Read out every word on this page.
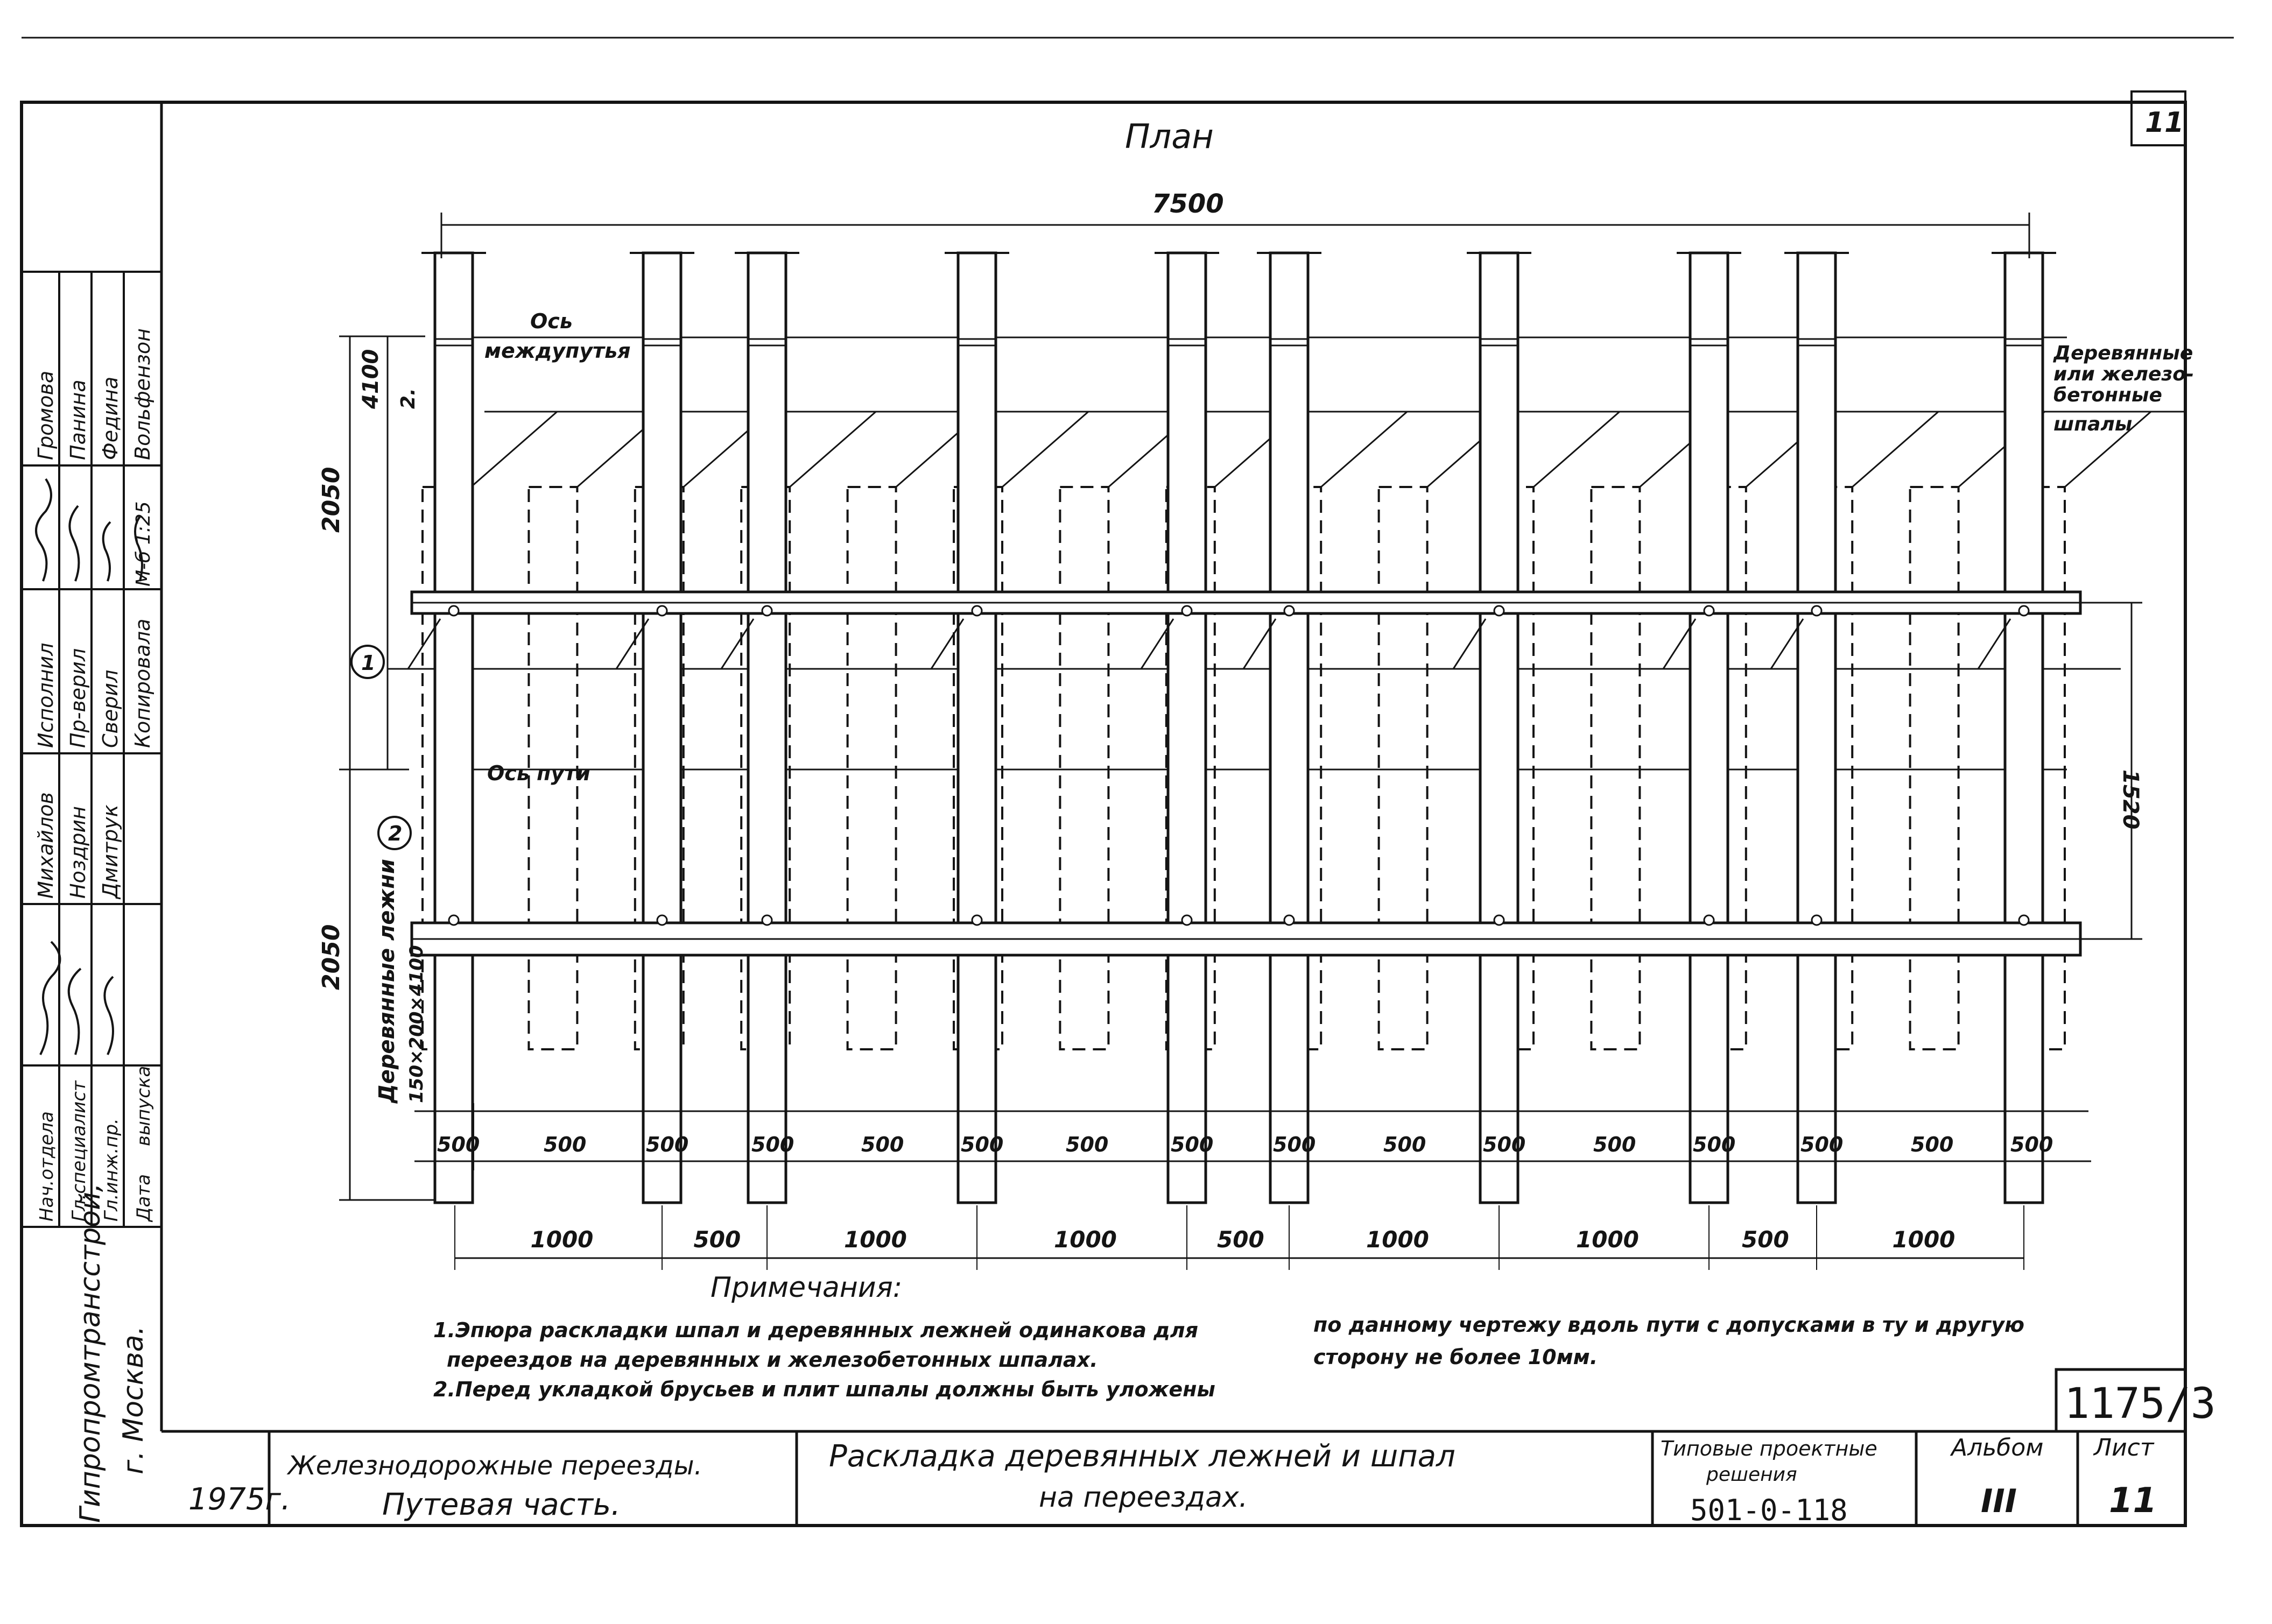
500	500	500	500	500	500	500	500	500	500	500	500	500	500	500	500
1000	500	1000	1000	500	1000	1000	500	1000
План	11
7500
2050
4100 2.
2050
1520
1
2
Ось
междупутья
Ось пути
Деревянные
или железо-
бетонные
шпалы
Деревянные лежни 150×200×4100
Примечания:
1.Эпюра раскладки шпал и деревянных лежней одинакова для
переездов на деревянных и железобетонных шпалах.
2.Перед укладкой брусьев и плит шпалы должны быть уложены
по данному чертежу вдоль пути с допусками в ту и другую
сторону не более 10мм.
1175/3
1975г.
Железнодорожные переезды.
Путевая часть.
Раскладка деревянных лежней и шпал
на переездах.
Типовые проектные
решения
501-0-118
Альбом
III
Лист
11
Гипропромтрансстрой, г. Москва.
Нач.отдела Гл.специалист Гл.инж.пр. Дата
выпуска
Михайлов Ноздрин Дмитрук
Исполнил Пр-верил Сверил Копировала
Громова Панина Федина Вольфензон
М-б 1:25
